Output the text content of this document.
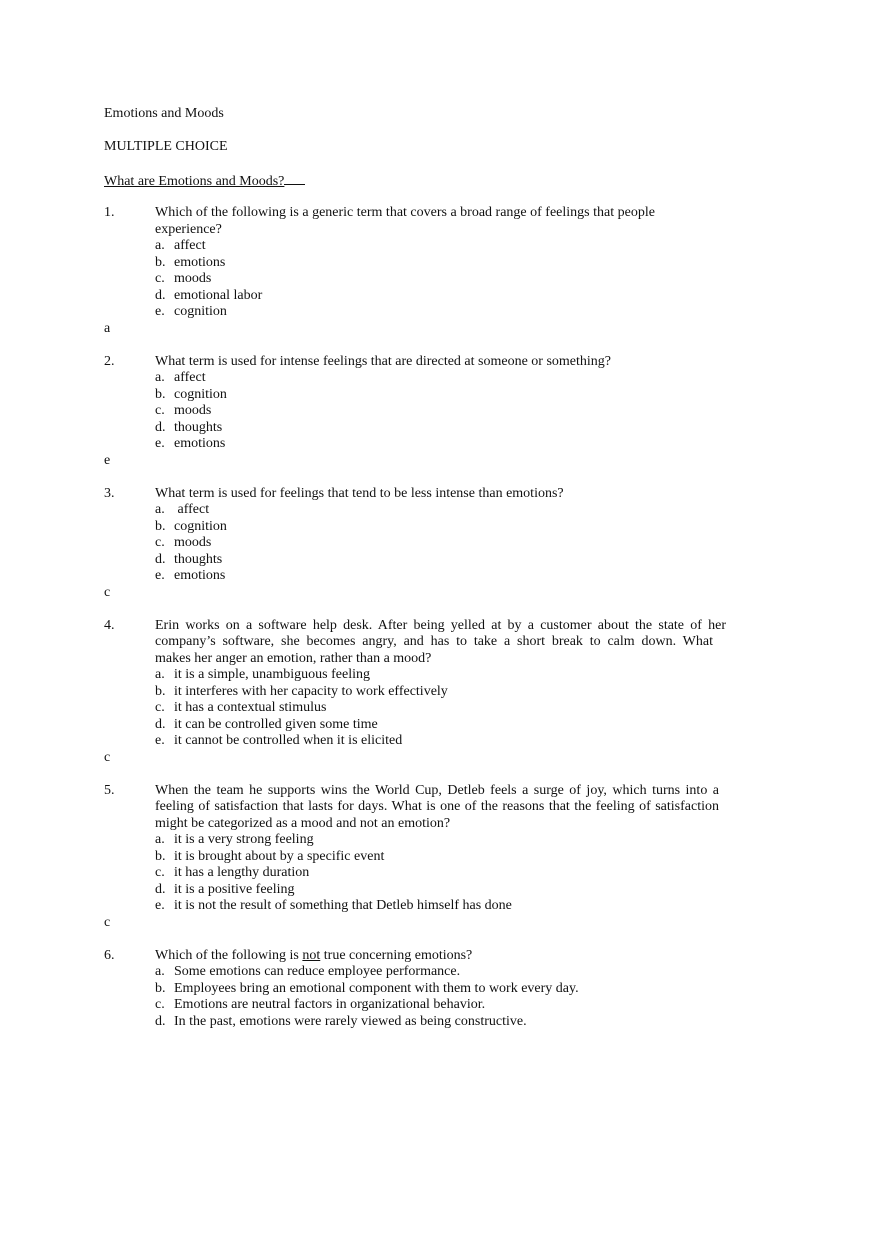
Emotions and Moods
MULTIPLE CHOICE
What are Emotions and Moods?
1.	Which of the following is a generic term that covers a broad range of feelings that people
experience?
a. affect
b. emotions
c. moods
d. emotional labor
e. cognition
a
2.	What term is used for intense feelings that are directed at someone or something?
a. affect
b. cognition
c. moods
d. thoughts
e. emotions
e
3.	What term is used for feelings that tend to be less intense than emotions?
a. affect
b. cognition
c. moods
d. thoughts
e. emotions
c
4.	Erin works on a software help desk. After being yelled at by a customer about the state of her
company’s software, she becomes angry, and has to take a short break to calm down. What
makes her anger an emotion, rather than a mood?
a. it is a simple, unambiguous feeling
b. it interferes with her capacity to work effectively
c. it has a contextual stimulus
d. it can be controlled given some time
e. it cannot be controlled when it is elicited
c
5.	When the team he supports wins the World Cup, Detleb feels a surge of joy, which turns into a
feeling of satisfaction that lasts for days. What is one of the reasons that the feeling of satisfaction
might be categorized as a mood and not an emotion?
a. it is a very strong feeling
b. it is brought about by a specific event
c. it has a lengthy duration
d. it is a positive feeling
e. it is not the result of something that Detleb himself has done
c
6.	Which of the following is not true concerning emotions?
a. Some emotions can reduce employee performance.
b. Employees bring an emotional component with them to work every day.
c. Emotions are neutral factors in organizational behavior.
d. In the past, emotions were rarely viewed as being constructive.
